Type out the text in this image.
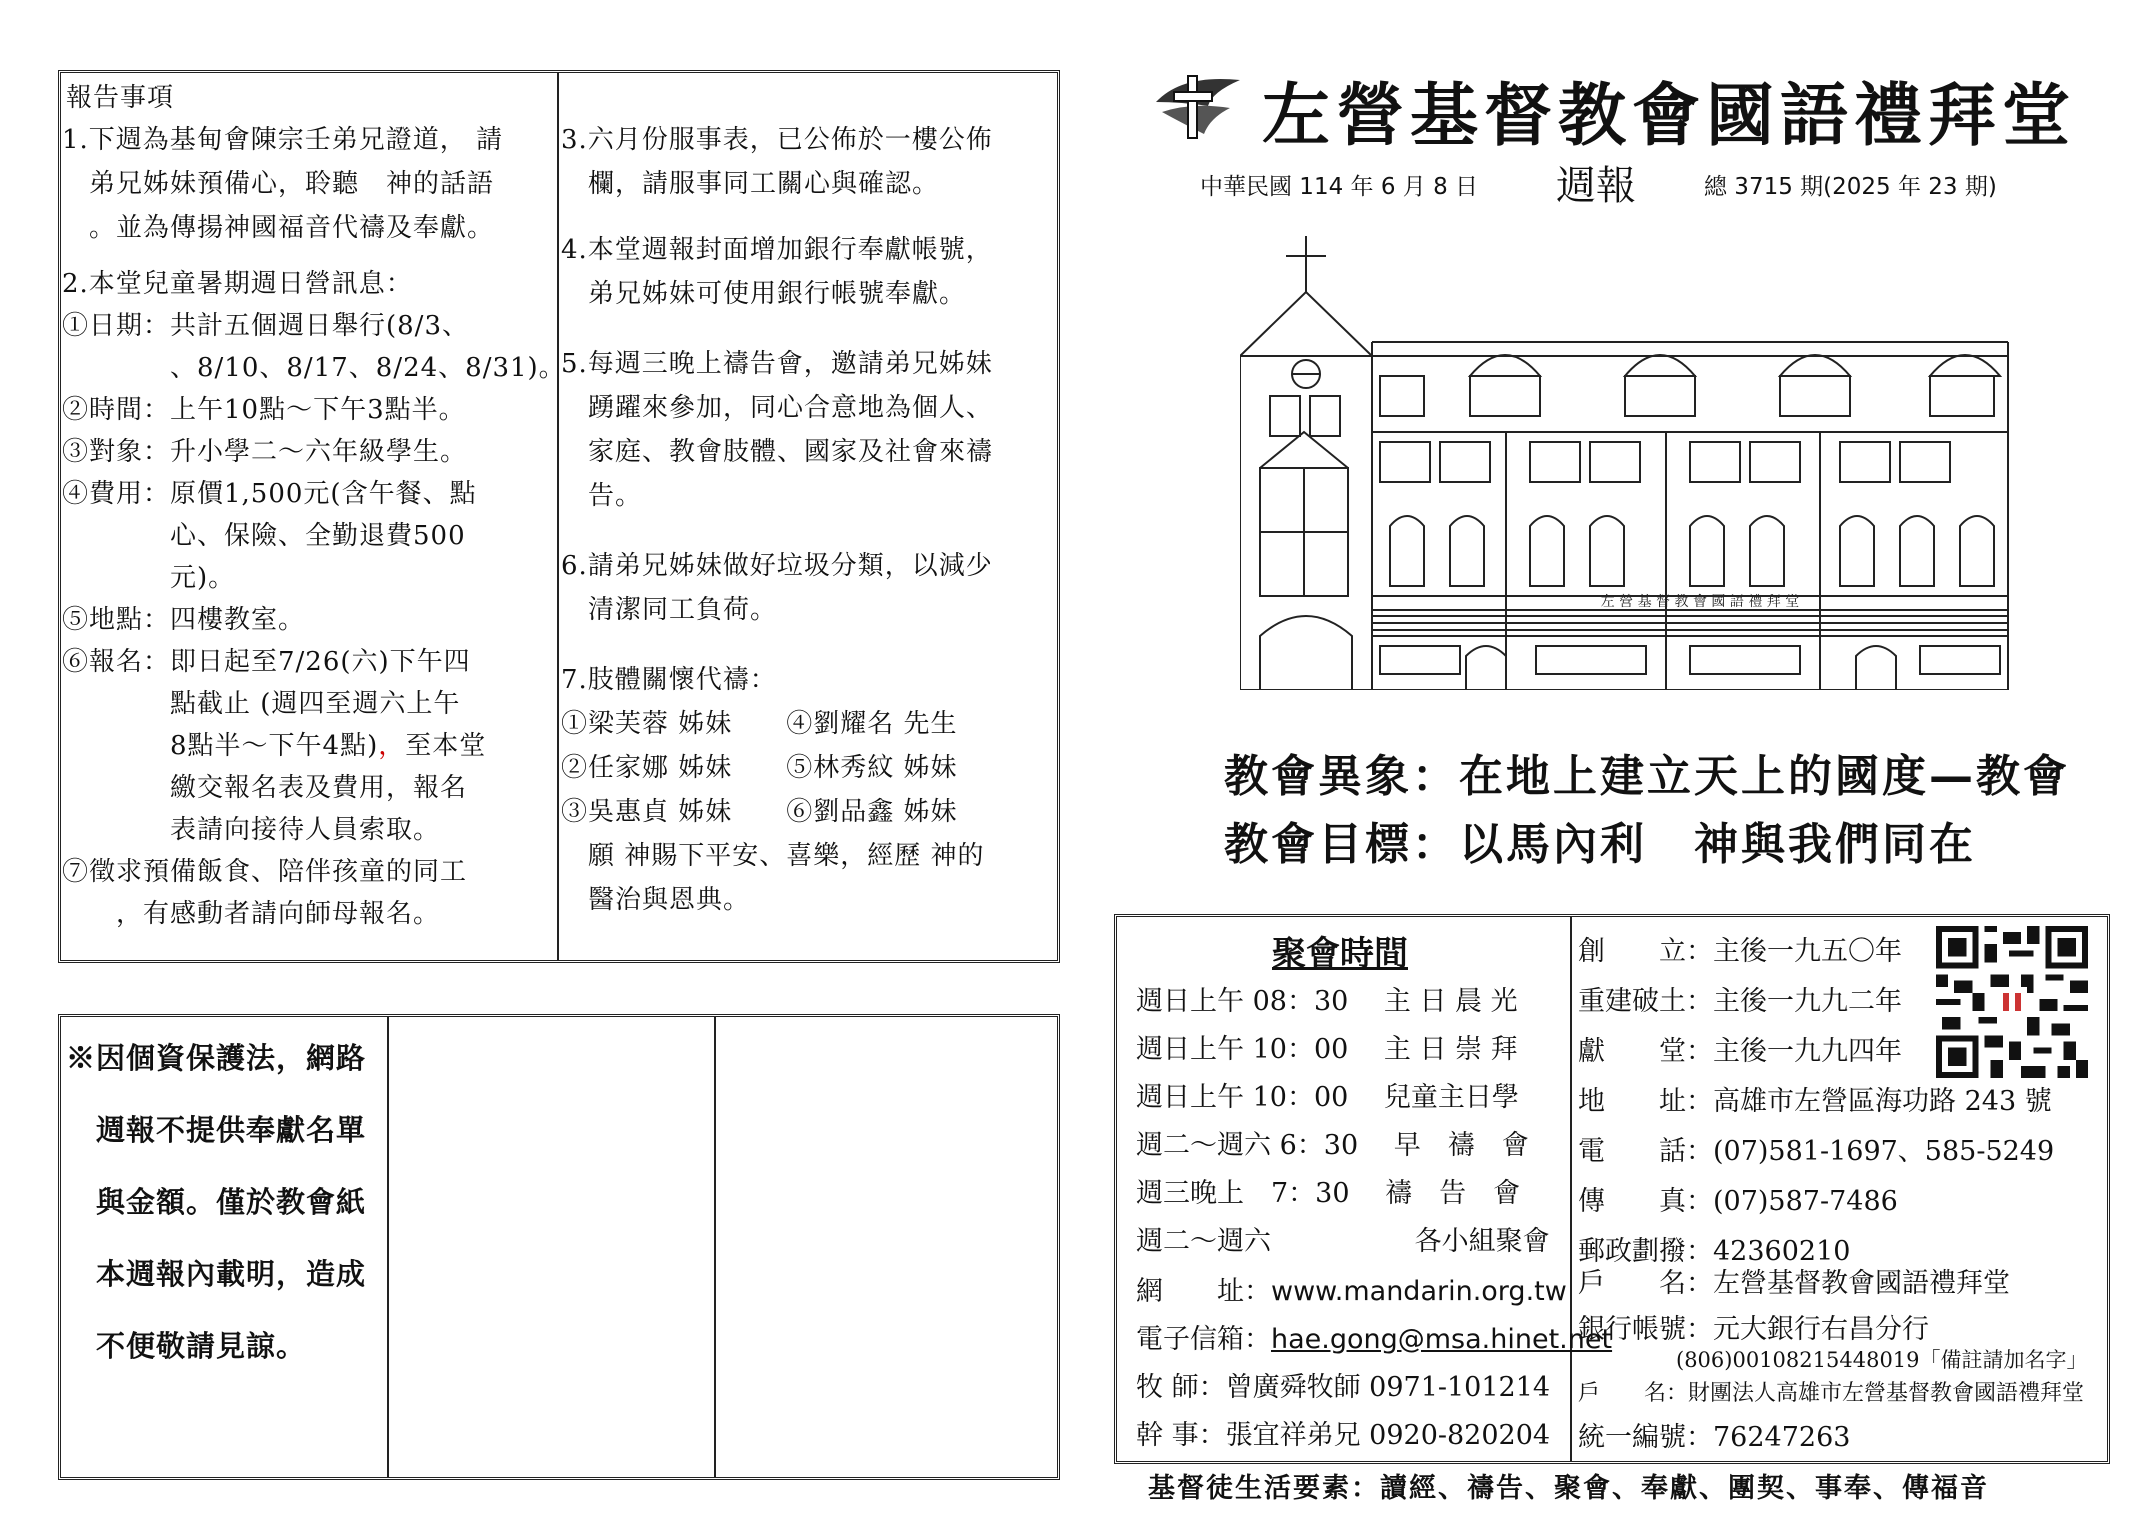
報告事項
1.下週為基甸會陳宗壬弟兄證道， 請
　弟兄姊妹預備心，聆聽　神的話語
　。並為傳揚神國福音代禱及奉獻。
2.本堂兒童暑期週日營訊息：
①日期：共計五個週日舉行(8/3、
　　　　、8/10、8/17、8/24、8/31)。
②時間：上午10點～下午3點半。
③對象：升小學二～六年級學生。
④費用：原價1,500元(含午餐、點
　　　　心、保險、全勤退費500
　　　　元)。
⑤地點：四樓教室。
⑥報名：即日起至7/26(六)下午四
　　　　點截止 (週四至週六上午
　　　　8點半～下午4點)，至本堂
　　　　繳交報名表及費用，報名
　　　　表請向接待人員索取。
⑦徵求預備飯食、陪伴孩童的同工
　　，有感動者請向師母報名。
3.六月份服事表，已公佈於一樓公佈
　欄，請服事同工關心與確認。
4.本堂週報封面增加銀行奉獻帳號，
　弟兄姊妹可使用銀行帳號奉獻。
5.每週三晚上禱告會，邀請弟兄姊妹
　踴躍來參加，同心合意地為個人、
　家庭、教會肢體、國家及社會來禱
　告。
6.請弟兄姊妹做好垃圾分類，以減少
　清潔同工負荷。
7.肢體關懷代禱：
①梁芙蓉 姊妹　　④劉耀名 先生
②任家娜 姊妹　　⑤林秀紋 姊妹
③吳惠貞 姊妹　　⑥劉品鑫 姊妹
　願 神賜下平安、喜樂，經歷 神的
　醫治與恩典。
※因個資保護法，網路
　週報不提供奉獻名單
　與金額。僅於教會紙
　本週報內載明，造成
　不便敬請見諒。
左營基督教會國語禮拜堂
中華民國 114 年 6 月 8 日 週報	總 3715 期(2025 年 23 期)
左 營 基 督 教 會 國 語 禮 拜 堂
教會異象：在地上建立天上的國度—教會
教會目標：以馬內利　神與我們同在
聚會時間
週日上午 08：30　 主 日 晨 光
週日上午 10：00　 主 日 崇 拜
週日上午 10：00　 兒童主日學
週二～週六 6：30　 早　禱　會
週三晚上　7：30　 禱　告　會
週二～週六　　　　　 各小組聚會
網　　址：www.mandarin.org.tw
電子信箱：hae.gong@msa.hinet.net
牧 師：曾廣舜牧師 0971-101214
幹 事：張宜祥弟兄 0920-820204
創　　立：主後一九五〇年
重建破土：主後一九九二年
獻　　堂：主後一九九四年
地　　址：高雄市左營區海功路 243 號
電　　話：(07)581-1697、585-5249
傳　　真：(07)587-7486
郵政劃撥：42360210
戶　　名：左營基督教會國語禮拜堂
銀行帳號：元大銀行右昌分行
(806)00108215448019「備註請加名字」
戶　　名：財團法人高雄市左營基督教會國語禮拜堂
統一編號：76247263
基督徒生活要素：讀經、禱告、聚會、奉獻、團契、事奉、傳福音
